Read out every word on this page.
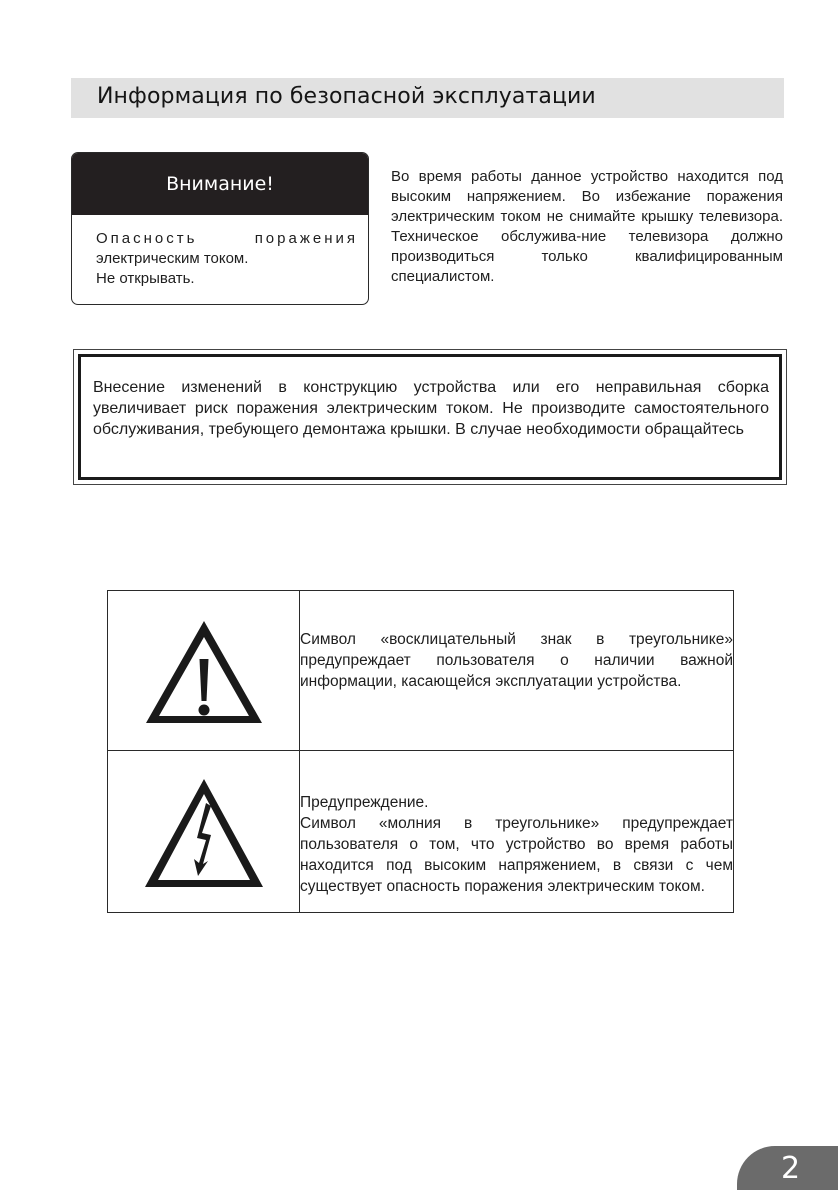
Информация по безопасной эксплуатации
Внимание!
Опасность	поражения
электрическим током.
Не открывать.
Во время работы данное устройство находится под высоким напряжением. Во избежание поражения электрическим током не снимайте крышку телевизора. Техническое обслужива-ние телевизора должно производиться только квалифицированным специалистом.
Внесение изменений в конструкцию устройства или его неправильная сборка увеличивает риск поражения электрическим током. Не производите самостоятельного обслуживания, требующего демонтажа крышки. В случае необходимости обращайтесь

Символ «восклицательный знак в треугольнике» предупреждает пользователя о наличии важной информации, касающейся эксплуатации устройства.

Предупреждение.
Символ «молния в треугольнике» предупреждает пользователя о том, что устройство во время работы находится под высоким напряжением, в связи с чем существует опасность поражения электрическим током.
2
